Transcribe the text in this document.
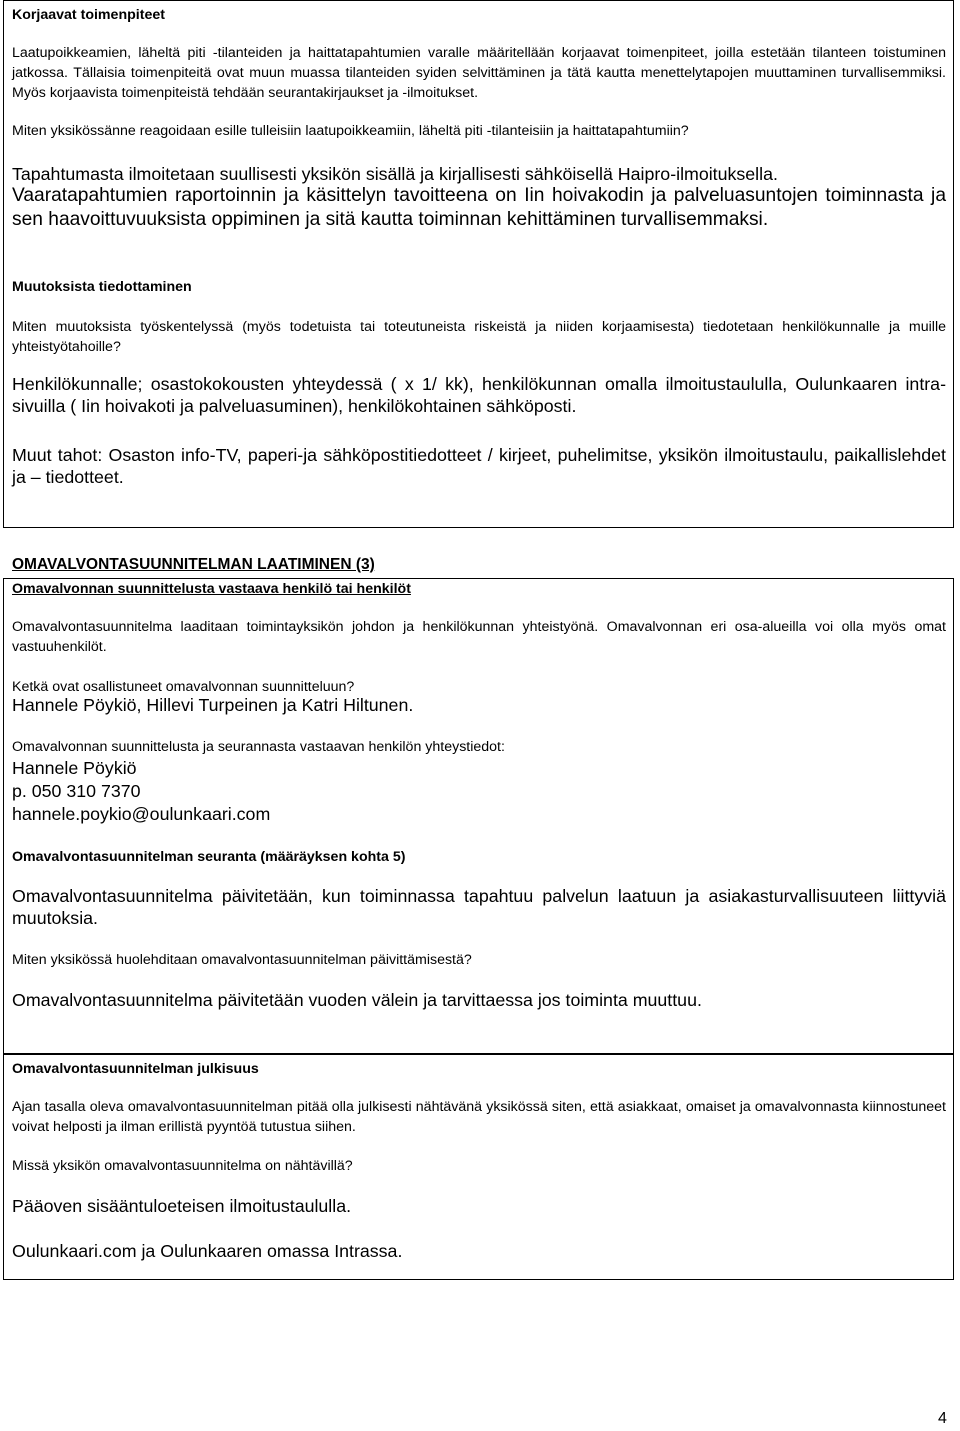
Korjaavat toimenpiteet

Laatupoikkeamien, läheltä piti -tilanteiden ja haittatapahtumien varalle määritellään korjaavat toimenpiteet, joilla estetään tilanteen toistuminen jatkossa. Tällaisia toimenpiteitä ovat muun muassa tilanteiden syiden selvittäminen ja tätä kautta menettelytapojen muuttaminen turvallisemmiksi. Myös korjaavista toimenpiteistä tehdään seurantakirjaukset ja -ilmoitukset.

Miten yksikössänne reagoidaan esille tulleisiin laatupoikkeamiin, läheltä piti -tilanteisiin ja haittatapahtumiin?

Tapahtumasta ilmoitetaan suullisesti yksikön sisällä ja kirjallisesti sähköisellä Haipro-ilmoituksella.

Vaaratapahtumien raportoinnin ja käsittelyn tavoitteena on Iin hoivakodin ja palveluasuntojen toiminnasta ja sen haavoittuvuuksista oppiminen ja sitä kautta toiminnan kehittäminen turvallisemmaksi.

Muutoksista tiedottaminen

Miten muutoksista työskentelyssä (myös todetuista tai toteutuneista riskeistä ja niiden korjaamisesta) tiedotetaan henkilökunnalle ja muille yhteistyötahoille?

Henkilökunnalle; osastokokousten yhteydessä ( x 1/ kk), henkilökunnan omalla ilmoitustaululla, Oulunkaaren intra- sivuilla ( Iin hoivakoti ja palveluasuminen), henkilökohtainen sähköposti.

Muut tahot: Osaston info-TV, paperi-ja sähköpostitiedotteet / kirjeet, puhelimitse, yksikön ilmoitustaulu, paikallislehdet ja – tiedotteet.

OMAVALVONTASUUNNITELMAN LAATIMINEN (3)

Omavalvonnan suunnittelusta vastaava henkilö tai henkilöt

Omavalvontasuunnitelma laaditaan toimintayksikön johdon ja henkilökunnan yhteistyönä. Omavalvonnan eri osa-alueilla voi olla myös omat vastuuhenkilöt.

Ketkä ovat osallistuneet omavalvonnan suunnitteluun?

Hannele Pöykiö, Hillevi Turpeinen ja Katri Hiltunen.

Omavalvonnan suunnittelusta ja seurannasta vastaavan henkilön yhteystiedot:

Hannele Pöykiö

p. 050 310 7370

hannele.poykio@oulunkaari.com

Omavalvontasuunnitelman seuranta (määräyksen kohta 5)

Omavalvontasuunnitelma päivitetään, kun toiminnassa tapahtuu palvelun laatuun ja asiakasturvallisuuteen liittyviä muutoksia.

Miten yksikössä huolehditaan omavalvontasuunnitelman päivittämisestä?

Omavalvontasuunnitelma päivitetään vuoden välein ja tarvittaessa jos toiminta muuttuu.

Omavalvontasuunnitelman julkisuus

Ajan tasalla oleva omavalvontasuunnitelman pitää olla julkisesti nähtävänä yksikössä siten, että asiakkaat, omaiset ja omavalvonnasta kiinnostuneet voivat helposti ja ilman erillistä pyyntöä tutustua siihen.

Missä yksikön omavalvontasuunnitelma on nähtävillä?

Pääoven sisääntuloeteisen ilmoitustaululla.

Oulunkaari.com ja Oulunkaaren omassa Intrassa.

4
